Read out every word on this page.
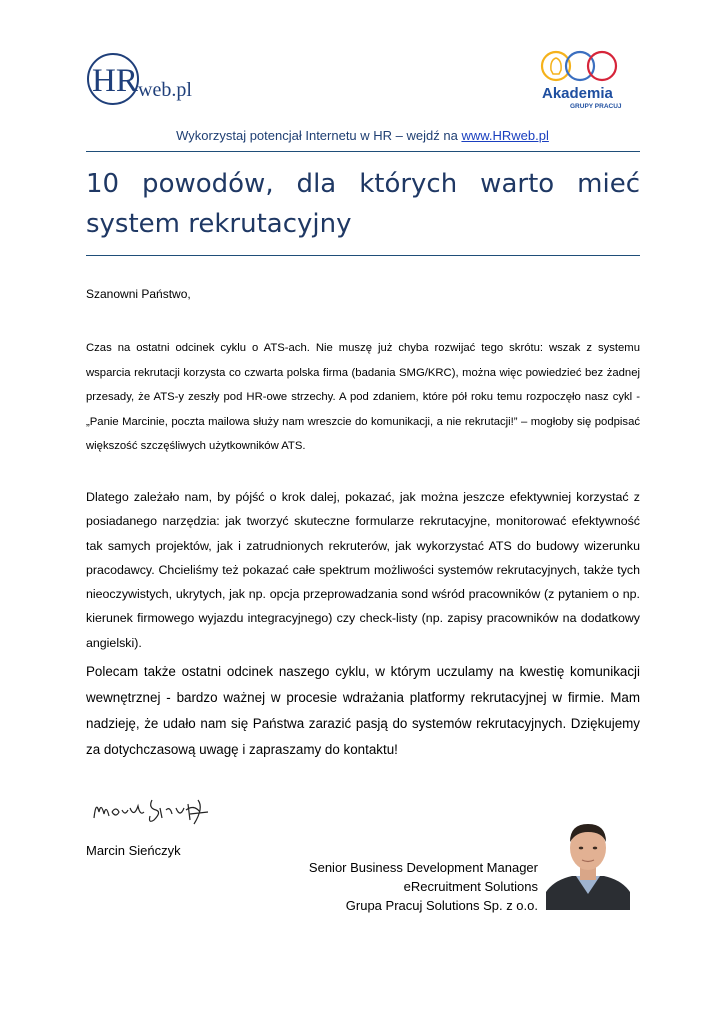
HR web.pl	Akademia
GRUPY PRACUJ
Wykorzystaj potencjał Internetu w HR – wejdź na www.HRweb.pl
10 powodów, dla których warto mieć system rekrutacyjny
Szanowni Państwo,
Czas na ostatni odcinek cyklu o ATS-ach. Nie muszę już chyba rozwijać tego skrótu: wszak z systemu wsparcia rekrutacji korzysta co czwarta polska firma (badania SMG/KRC), można więc powiedzieć bez żadnej przesady, że ATS-y zeszły pod HR-owe strzechy. A pod zdaniem, które pół roku temu rozpoczęło nasz cykl - „Panie Marcinie, poczta mailowa służy nam wreszcie do komunikacji, a nie rekrutacji!” – mogłoby się podpisać większość szczęśliwych użytkowników ATS.
Dlatego zależało nam, by pójść o krok dalej, pokazać, jak można jeszcze efektywniej korzystać z posiadanego narzędzia: jak tworzyć skuteczne formularze rekrutacyjne, monitorować efektywność tak samych projektów, jak i zatrudnionych rekruterów, jak wykorzystać ATS do budowy wizerunku pracodawcy. Chcieliśmy też pokazać całe spektrum możliwości systemów rekrutacyjnych, także tych nieoczywistych, ukrytych, jak np. opcja przeprowadzania sond wśród pracowników (z pytaniem o np. kierunek firmowego wyjazdu integracyjnego) czy check-listy (np. zapisy pracowników na dodatkowy angielski).
Polecam także ostatni odcinek naszego cyklu, w którym uczulamy na kwestię komunikacji wewnętrznej - bardzo ważnej w procesie wdrażania platformy rekrutacyjnej w firmie. Mam nadzieję, że udało nam się Państwa zarazić pasją do systemów rekrutacyjnych. Dziękujemy za dotychczasową uwagę i zapraszamy do kontaktu!
Marcin Sieńczyk
Senior Business Development Manager
eRecruitment Solutions
Grupa Pracuj Solutions Sp. z o.o.
